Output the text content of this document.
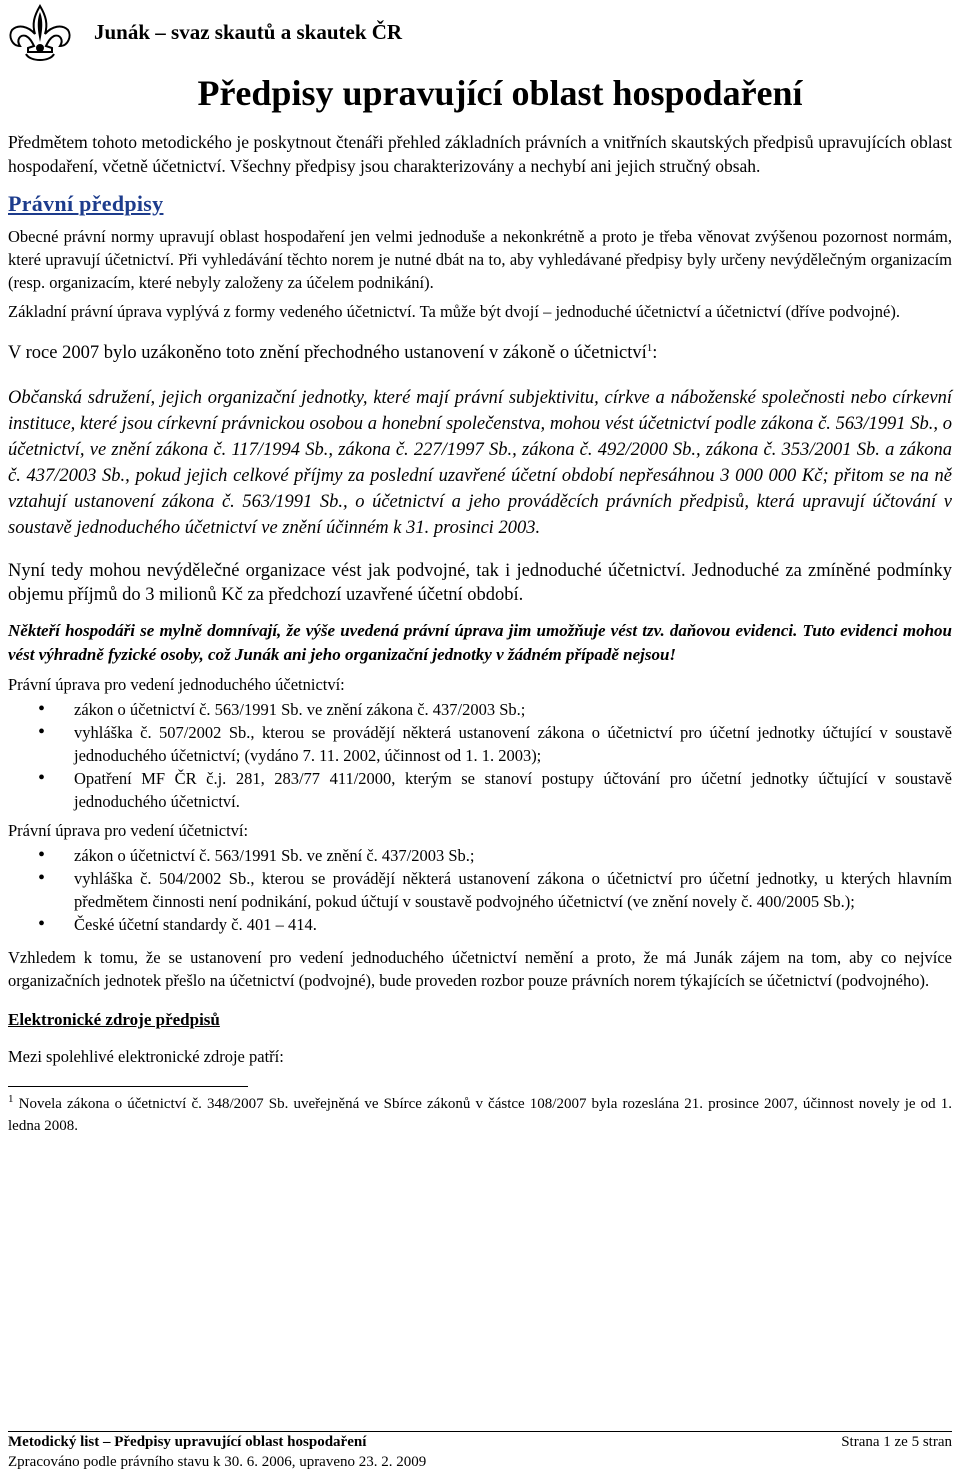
Junák – svaz skautů a skautek ČR
Předpisy upravující oblast hospodaření

Předmětem tohoto metodického je poskytnout čtenáři přehled základních právních a vnitřních skautských předpisů upravujících oblast hospodaření, včetně účetnictví. Všechny předpisy jsou charakterizovány a nechybí ani jejich stručný obsah.

Právní předpisy

Obecné právní normy upravují oblast hospodaření jen velmi jednoduše a nekonkrétně a proto je třeba věnovat zvýšenou pozornost normám, které upravují účetnictví. Při vyhledávání těchto norem je nutné dbát na to, aby vyhledávané předpisy byly určeny nevýdělečným organizacím (resp. organizacím, které nebyly založeny za účelem podnikání).

Základní právní úprava vyplývá z formy vedeného účetnictví. Ta může být dvojí – jednoduché účetnictví a účetnictví (dříve podvojné).

V roce 2007 bylo uzákoněno toto znění přechodného ustanovení v zákoně o účetnictví$^1$:

Občanská sdružení, jejich organizační jednotky, které mají právní subjektivitu, církve a náboženské společnosti nebo církevní instituce, které jsou církevní právnickou osobou a honební společenstva, mohou vést účetnictví podle zákona č. 563/1991 Sb., o účetnictví, ve znění zákona č. 117/1994 Sb., zákona č. 227/1997 Sb., zákona č. 492/2000 Sb., zákona č. 353/2001 Sb. a zákona č. 437/2003 Sb., pokud jejich celkové příjmy za poslední uzavřené účetní období nepřesáhnou 3 000 000 Kč; přitom se na ně vztahují ustanovení zákona č. 563/1991 Sb., o účetnictví a jeho prováděcích právních předpisů, která upravují účtování v soustavě jednoduchého účetnictví ve znění účinném k 31. prosinci 2003.

Nyní tedy mohou nevýdělečné organizace vést jak podvojné, tak i jednoduché účetnictví. Jednoduché za zmíněné podmínky objemu příjmů do 3 milionů Kč za předchozí uzavřené účetní období.

Někteří hospodáři se mylně domnívají, že výše uvedená právní úprava jim umožňuje vést tzv. daňovou evidenci. Tuto evidenci mohou vést výhradně fyzické osoby, což Junák ani jeho organizační jednotky v žádném případě nejsou!

Právní úprava pro vedení jednoduchého účetnictví:

• zákon o účetnictví č. 563/1991 Sb. ve znění zákona č. 437/2003 Sb.;
• vyhláška č. 507/2002 Sb., kterou se provádějí některá ustanovení zákona o účetnictví pro účetní jednotky účtující v soustavě jednoduchého účetnictví; (vydáno 7. 11. 2002, účinnost od 1. 1. 2003);
• Opatření MF ČR č.j. 281, 283/77 411/2000, kterým se stanoví postupy účtování pro účetní jednotky účtující v soustavě jednoduchého účetnictví.

Právní úprava pro vedení účetnictví:

• zákon o účetnictví č. 563/1991 Sb. ve znění č. 437/2003 Sb.;
• vyhláška č. 504/2002 Sb., kterou se provádějí některá ustanovení zákona o účetnictví pro účetní jednotky, u kterých hlavním předmětem činnosti není podnikání, pokud účtují v soustavě podvojného účetnictví (ve znění novely č. 400/2005 Sb.);
• České účetní standardy č. 401 – 414.

Vzhledem k tomu, že se ustanovení pro vedení jednoduchého účetnictví nemění a proto, že má Junák zájem na tom, aby co nejvíce organizačních jednotek přešlo na účetnictví (podvojné), bude proveden rozbor pouze právních norem týkajících se účetnictví (podvojného).

Elektronické zdroje předpisů

Mezi spolehlivé elektronické zdroje patří:

$^1$ Novela zákona o účetnictví č. 348/2007 Sb. uveřejněná ve Sbírce zákonů v částce 108/2007 byla rozeslána 21. prosince 2007, účinnost novely je od 1. ledna 2008.

Metodický list – Předpisy upravující oblast hospodaření	Strana 1 ze 5 stran
Zpracováno podle právního stavu k 30. 6. 2006, upraveno 23. 2. 2009
